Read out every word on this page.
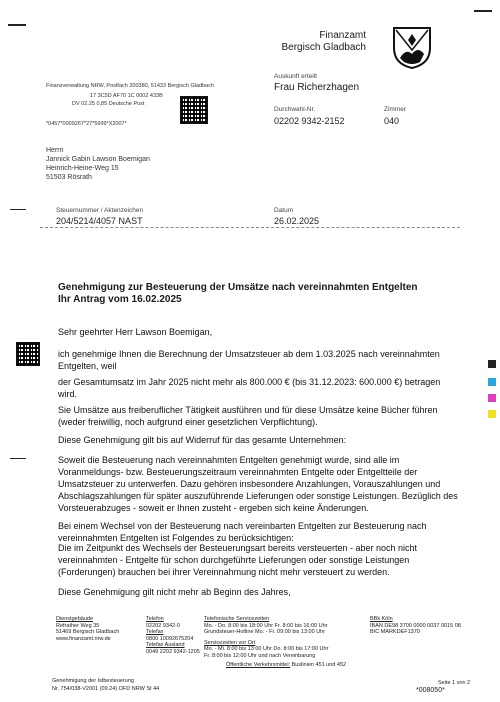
Finanzamt
Bergisch Gladbach
Finanzverwaltung NRW, Postfach 200380, 51433 Bergisch Gladbach
17 3C5D AF70 1C 0002 433B
DV 02.25 0,85 Deutsche Post
*0457*0009267*27*5999*X2007*
Auskunft erteilt
Frau Richerzhagen
Durchwahl-Nr.
02202 9342-2152
Zimmer
040
Herrn
Jannick Gabin Lawson Boemigan
Heinrich-Heine-Weg 15
51503 Rösrath
Steuernummer / Aktenzeichen
204/5214/4057 NAST
Datum
26.02.2025
Genehmigung zur Besteuerung der Umsätze nach vereinnahmten Entgelten
Ihr Antrag vom 16.02.2025
Sehr geehrter Herr Lawson Boemigan,
ich genehmige Ihnen die Berechnung der Umsatzsteuer ab dem 1.03.2025 nach vereinnahmten Entgelten, weil
der Gesamtumsatz im Jahr 2025 nicht mehr als 800.000 € (bis 31.12.2023: 600.000 €) betragen wird.
Sie Umsätze aus freiberuflicher Tätigkeit ausführen und für diese Umsätze keine Bücher führen (weder freiwillig, noch aufgrund einer gesetzlichen Verpflichtung).
Diese Genehmigung gilt bis auf Widerruf für das gesamte Unternehmen:
Soweit die Besteuerung nach vereinnahmten Entgelten genehmigt wurde, sind alle im Voranmeldungs- bzw. Besteuerungszeitraum vereinnahmten Entgelte oder Entgeltteile der Umsatzsteuer zu unterwerfen. Dazu gehören insbesondere Anzahlungen, Vorauszahlungen und Abschlagszahlungen für später auszuführende Lieferungen oder sonstige Leistungen. Bezüglich des Vorsteuerabzuges - soweit er Ihnen zusteht - ergeben sich keine Änderungen.
Bei einem Wechsel von der Besteuerung nach vereinbarten Entgelten zur Besteuerung nach vereinnahmten Entgelten ist Folgendes zu berücksichtigen:
Die im Zeitpunkt des Wechsels der Besteuerungsart bereits versteuerten - aber noch nicht vereinnahmten - Entgelte für schon durchgeführte Lieferungen oder sonstige Leistungen (Forderungen) brauchen bei ihrer Vereinnahmung nicht mehr versteuert zu werden.
Diese Genehmigung gilt nicht mehr ab Beginn des Jahres,
Dienstgebäude
Refrather Weg 35
51469 Bergisch Gladbach
www.finanzamt.nrw.de
Telefon
02202 9342-0
Telefax
0800 10092675204
Telefax Ausland
0049 2202 9342-1205
Telefonische Servicezeiten
Mo. - Do. 8:00 bis 18:00 Uhr Fr. 8:00 bis 16:00 Uhr
Grundsteuer-Hotline Mo. - Fr. 09:00 bis 13:00 Uhr
Servicezeiten vor Ort
Mo. - Mi. 8:00 bis 13:00 Uhr Do. 8:00 bis 17:00 Uhr
Fr. 8:00 bis 12:00 Uhr und nach Vereinbarung
Öffentliche Verkehrsmittel: Buslinien 451 und 452
BBk Köln
IBAN DE98 3700 0000 0037 0015 08
BIC MARKDEF1370
Genehmigung der Istbesteuerung
Nr. 754/038-V2001 (09.24) OFD NRW St 44
Seite 1 von 2
*008050*
